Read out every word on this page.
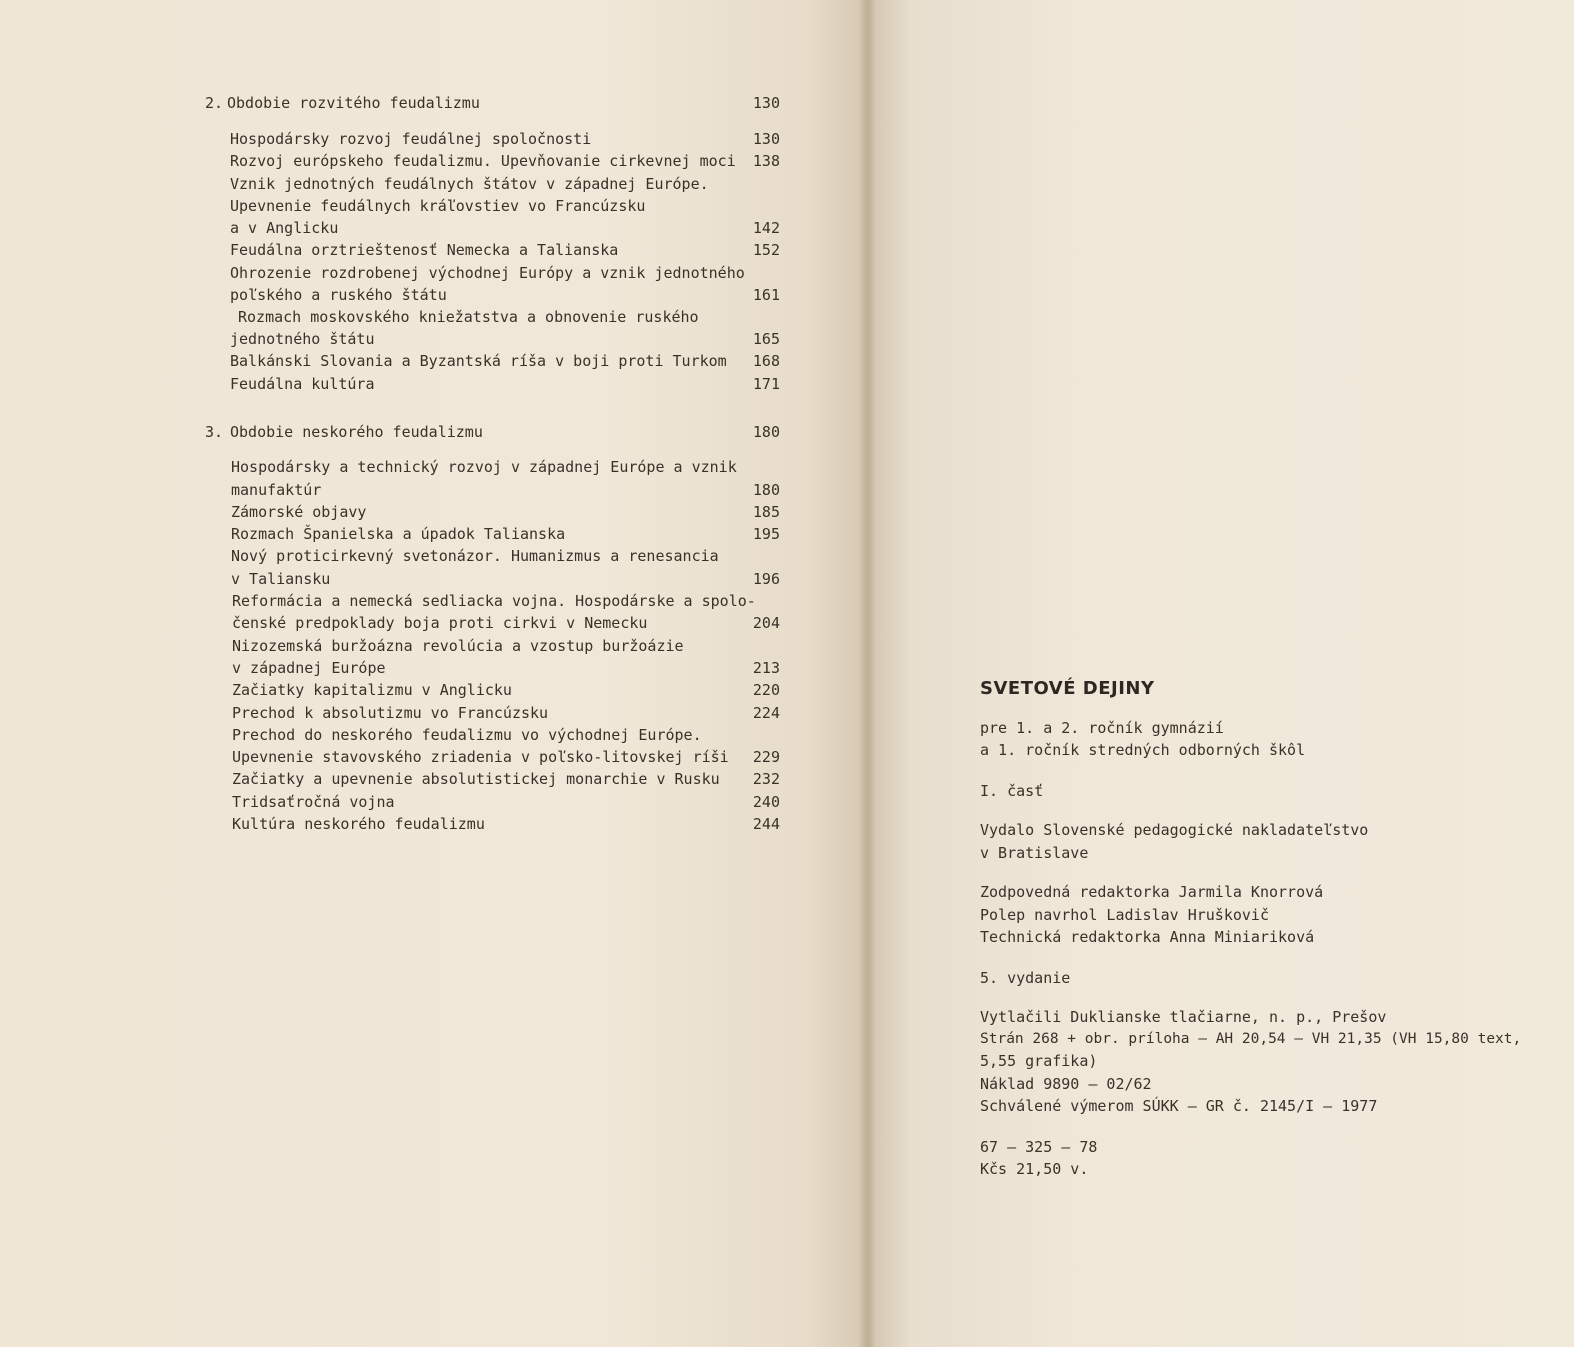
2. Obdobie rozvitého feudalizmu	130
Hospodársky rozvoj feudálnej spoločnosti	130
Rozvoj európskeho feudalizmu. Upevňovanie cirkevnej moci	138
Vznik jednotných feudálnych štátov v západnej Európe.
Upevnenie feudálnych kráľovstiev vo Francúzsku
a v Anglicku	142
Feudálna orztrieštenosť Nemecka a Talianska	152
Ohrozenie rozdrobenej východnej Európy a vznik jednotného
poľského a ruského štátu	161
Rozmach moskovského kniežatstva a obnovenie ruského
jednotného štátu	165
Balkánski Slovania a Byzantská ríša v boji proti Turkom	168
Feudálna kultúra	171
3. Obdobie neskorého feudalizmu	180
Hospodársky a technický rozvoj v západnej Európe a vznik
manufaktúr	180
Zámorské objavy	185
Rozmach Španielska a úpadok Talianska	195
Nový proticirkevný svetonázor. Humanizmus a renesancia
v Taliansku	196
Reformácia a nemecká sedliacka vojna. Hospodárske a spolo-
čenské predpoklady boja proti cirkvi v Nemecku	204
Nizozemská buržoázna revolúcia a vzostup buržoázie
v západnej Európe	213
Začiatky kapitalizmu v Anglicku	220
Prechod k absolutizmu vo Francúzsku	224
Prechod do neskorého feudalizmu vo východnej Európe.
Upevnenie stavovského zriadenia v poľsko-litovskej ríši	229
Začiatky a upevnenie absolutistickej monarchie v Rusku	232
Tridsaťročná vojna	240
Kultúra neskorého feudalizmu	244
SVETOVÉ DEJINY
pre 1. a 2. ročník gymnázií
a 1. ročník stredných odborných škôl
I. časť
Vydalo Slovenské pedagogické nakladateľstvo
v Bratislave
Zodpovedná redaktorka Jarmila Knorrová
Polep navrhol Ladislav Hruškovič
Technická redaktorka Anna Miniariková
5. vydanie
Vytlačili Duklianske tlačiarne, n. p., Prešov
Strán 268 + obr. príloha — AH 20,54 — VH 21,35 (VH 15,80 text,
5,55 grafika)
Náklad 9890 — 02/62
Schválené výmerom SÚKK — GR č. 2145/I — 1977
67 — 325 — 78
Kčs 21,50 v.
